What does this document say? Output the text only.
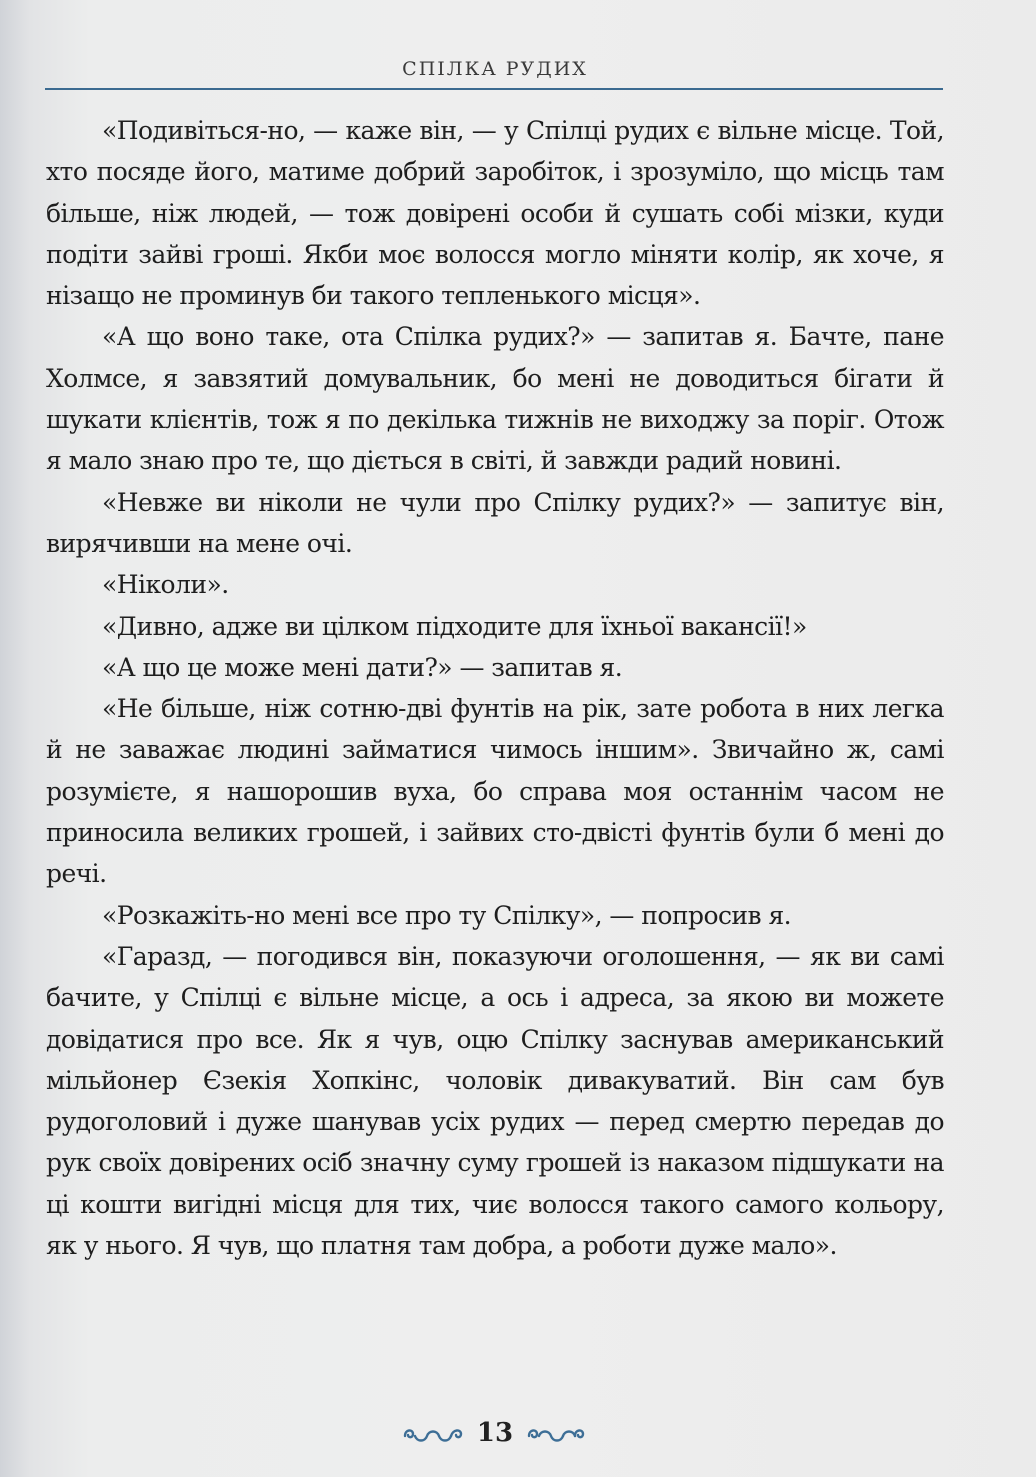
СПІЛКА РУДИХ

«Подивіться-но, — каже він, — у Спілці рудих є вільне місце. Той, хто посяде його, матиме добрий заробіток, і зрозуміло, що місць там більше, ніж людей, — тож довірені особи й сушать собі мізки, куди подіти зайві гроші. Якби моє волосся могло міняти колір, як хоче, я нізащо не проминув би такого тепленького місця».

«А що воно таке, ота Спілка рудих?» — запитав я. Бачте, пане Холмсе, я завзятий домувальник, бо мені не доводиться бігати й шукати клієнтів, тож я по декілька тижнів не виходжу за поріг. Отож я мало знаю про те, що діється в світі, й завжди радий новині.

«Невже ви ніколи не чули про Спілку рудих?» — запитує він, вирячивши на мене очі.

«Ніколи».

«Дивно, адже ви цілком підходите для їхньої вакансії!»

«А що це може мені дати?» — запитав я.

«Не більше, ніж сотню-дві фунтів на рік, зате робота в них легка й не заважає людині займатися чимось іншим». Звичайно ж, самі розумієте, я нашорошив вуха, бо справа моя останнім часом не приносила великих грошей, і зайвих сто-двісті фунтів були б мені до речі.

«Розкажіть-но мені все про ту Спілку», — попросив я.

«Гаразд, — погодився він, показуючи оголошення, — як ви самі бачите, у Спілці є вільне місце, а ось і адреса, за якою ви можете довідатися про все. Як я чув, оцю Спілку заснував американський мільйонер Єзекія Хопкінс, чоловік дивакуватий. Він сам був рудоголовий і дуже шанував усіх рудих — перед смертю передав до рук своїх довірених осіб значну суму грошей із наказом підшукати на ці кошти вигідні місця для тих, чиє волосся такого самого кольору, як у нього. Я чув, що платня там добра, а роботи дуже мало».

13
